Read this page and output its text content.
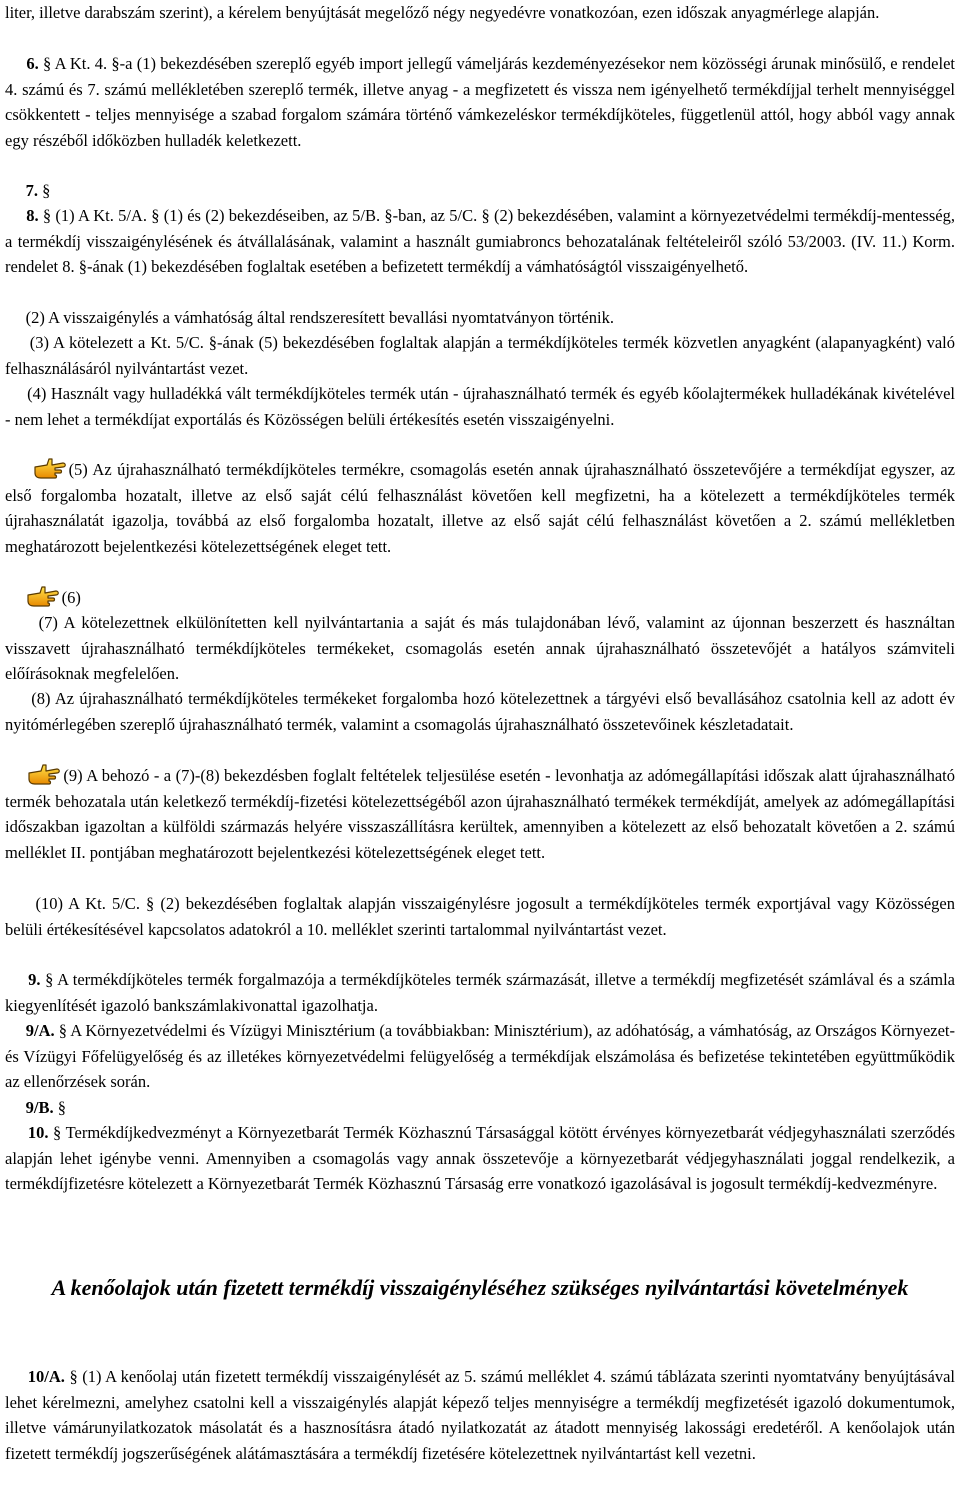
liter, illetve darabszám szerint), a kérelem benyújtását megelőző négy negyedévre vonatkozóan, ezen időszak anyagmérlege alapján.

6. § A Kt. 4. §-a (1) bekezdésében szereplő egyéb import jellegű vámeljárás kezdeményezésekor nem közösségi árunak minősülő, e rendelet 4. számú és 7. számú mellékletében szereplő termék, illetve anyag - a megfizetett és vissza nem igényelhető termékdíjjal terhelt mennyiséggel csökkentett - teljes mennyisége a szabad forgalom számára történő vámkezeléskor termékdíjköteles, függetlenül attól, hogy abból vagy annak egy részéből időközben hulladék keletkezett.

7. §

8. § (1) A Kt. 5/A. § (1) és (2) bekezdéseiben, az 5/B. §-ban, az 5/C. § (2) bekezdésében, valamint a környezetvédelmi termékdíj-mentesség, a termékdíj visszaigénylésének és átvállalásának, valamint a használt gumiabroncs behozatalának feltételeiről szóló 53/2003. (IV. 11.) Korm. rendelet 8. §-ának (1) bekezdésében foglaltak esetében a befizetett termékdíj a vámhatóságtól visszaigényelhető.

(2) A visszaigénylés a vámhatóság által rendszeresített bevallási nyomtatványon történik.

(3) A kötelezett a Kt. 5/C. §-ának (5) bekezdésében foglaltak alapján a termékdíjköteles termék közvetlen anyagként (alapanyagként) való felhasználásáról nyilvántartást vezet.

(4) Használt vagy hulladékká vált termékdíjköteles termék után - újrahasználható termék és egyéb kőolajtermékek hulladékának kivételével - nem lehet a termékdíjat exportálás és Közösségen belüli értékesítés esetén visszaigényelni.

(5) Az újrahasználható termékdíjköteles termékre, csomagolás esetén annak újrahasználható összetevőjére a termékdíjat egyszer, az első forgalomba hozatalt, illetve az első saját célú felhasználást követően kell megfizetni, ha a kötelezett a termékdíjköteles termék újrahasználatát igazolja, továbbá az első forgalomba hozatalt, illetve az első saját célú felhasználást követően a 2. számú mellékletben meghatározott bejelentkezési kötelezettségének eleget tett.

(6)

(7) A kötelezettnek elkülönítetten kell nyilvántartania a saját és más tulajdonában lévő, valamint az újonnan beszerzett és használtan visszavett újrahasználható termékdíjköteles termékeket, csomagolás esetén annak újrahasználható összetevőjét a hatályos számviteli előírásoknak megfelelően.

(8) Az újrahasználható termékdíjköteles termékeket forgalomba hozó kötelezettnek a tárgyévi első bevallásához csatolnia kell az adott év nyitómérlegében szereplő újrahasználható termék, valamint a csomagolás újrahasználható összetevőinek készletadatait.

(9) A behozó - a (7)-(8) bekezdésben foglalt feltételek teljesülése esetén - levonhatja az adómegállapítási időszak alatt újrahasználható termék behozatala után keletkező termékdíj-fizetési kötelezettségéből azon újrahasználható termékek termékdíját, amelyek az adómegállapítási időszakban igazoltan a külföldi származás helyére visszaszállításra kerültek, amennyiben a kötelezett az első behozatalt követően a 2. számú melléklet II. pontjában meghatározott bejelentkezési kötelezettségének eleget tett.

(10) A Kt. 5/C. § (2) bekezdésében foglaltak alapján visszaigénylésre jogosult a termékdíjköteles termék exportjával vagy Közösségen belüli értékesítésével kapcsolatos adatokról a 10. melléklet szerinti tartalommal nyilvántartást vezet.

9. § A termékdíjköteles termék forgalmazója a termékdíjköteles termék származását, illetve a termékdíj megfizetését számlával és a számla kiegyenlítését igazoló bankszámlakivonattal igazolhatja.

9/A. § A Környezetvédelmi és Vízügyi Minisztérium (a továbbiakban: Minisztérium), az adóhatóság, a vámhatóság, az Országos Környezet- és Vízügyi Főfelügyelőség és az illetékes környezetvédelmi felügyelőség a termékdíjak elszámolása és befizetése tekintetében együttműködik az ellenőrzések során.

9/B. §

10. § Termékdíjkedvezményt a Környezetbarát Termék Közhasznú Társasággal kötött érvényes környezetbarát védjegyhasználati szerződés alapján lehet igénybe venni. Amennyiben a csomagolás vagy annak összetevője a környezetbarát védjegyhasználati joggal rendelkezik, a termékdíjfizetésre kötelezett a Környezetbarát Termék Közhasznú Társaság erre vonatkozó igazolásával is jogosult termékdíj-kedvezményre.

10/A. § (1) A kenőolaj után fizetett termékdíj visszaigénylését az 5. számú melléklet 4. számú táblázata szerinti nyomtatvány benyújtásával lehet kérelmezni, amelyhez csatolni kell a visszaigénylés alapját képező teljes mennyiségre a termékdíj megfizetését igazoló dokumentumok, illetve vámárunyilatkozatok másolatát és a hasznosításra átadó nyilatkozatát az átadott mennyiség lakossági eredetéről. A kenőolajok után fizetett termékdíj jogszerűségének alátámasztására a termékdíj fizetésére kötelezettnek nyilvántartást kell vezetni.

A kenőolajok után fizetett termékdíj visszaigényléséhez szükséges nyilvántartási követelmények
